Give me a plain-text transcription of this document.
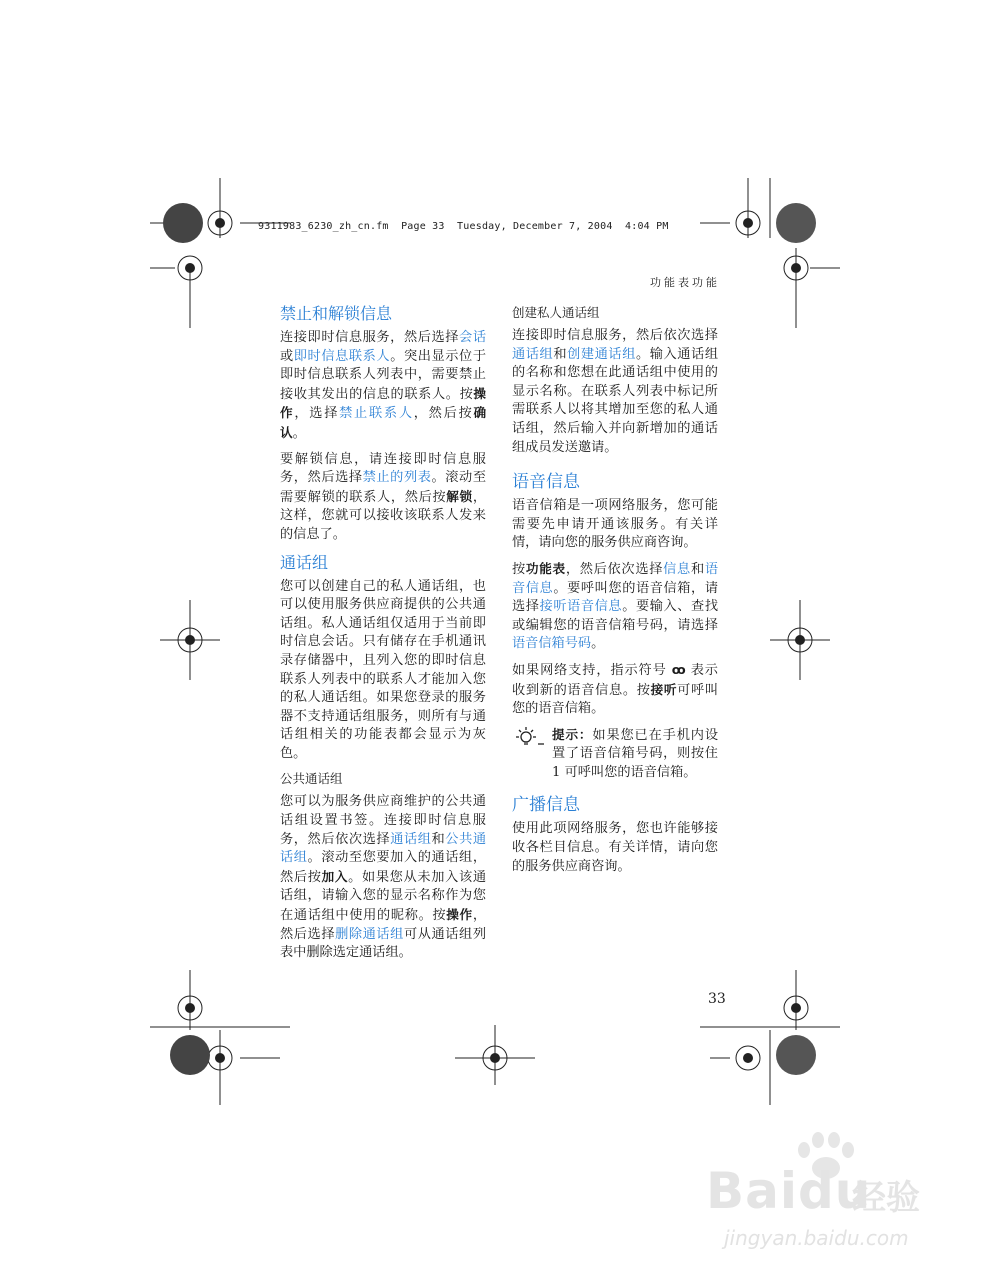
9311983_6230_zh_cn.fm  Page 33  Tuesday, December 7, 2004  4:04 PM
功能表功能
禁止和解锁信息

连接即时信息服务，然后选择会话或即时信息联系人。突出显示位于即时信息联系人列表中，需要禁止接收其发出的信息的联系人。按操作，选择禁止联系人，然后按确认。

要解锁信息，请连接即时信息服务，然后选择禁止的列表。滚动至需要解锁的联系人，然后按解锁，这样，您就可以接收该联系人发来的信息了。

通话组

您可以创建自己的私人通话组，也可以使用服务供应商提供的公共通话组。私人通话组仅适用于当前即时信息会话。只有储存在手机通讯录存储器中，且列入您的即时信息联系人列表中的联系人才能加入您的私人通话组。如果您登录的服务器不支持通话组服务，则所有与通话组相关的功能表都会显示为灰色。

公共通话组

您可以为服务供应商维护的公共通话组设置书签。连接即时信息服务，然后依次选择通话组和公共通话组。滚动至您要加入的通话组，然后按加入。如果您从未加入该通话组，请输入您的显示名称作为您在通话组中使用的昵称。按操作，然后选择删除通话组可从通话组列表中删除选定通话组。

创建私人通话组

连接即时信息服务，然后依次选择通话组和创建通话组。输入通话组的名称和您想在此通话组中使用的显示名称。在联系人列表中标记所需联系人以将其增加至您的私人通话组，然后输入并向新增加的通话组成员发送邀请。

语音信息

语音信箱是一项网络服务，您可能需要先申请开通该服务。有关详情，请向您的服务供应商咨询。

按功能表，然后依次选择信息和语音信息。要呼叫您的语音信箱，请选择接听语音信息。要输入、查找或编辑您的语音信箱号码，请选择语音信箱号码。

如果网络支持，指示符号 ꝏ 表示收到新的语音信息。按接听可呼叫您的语音信箱。

提示：如果您已在手机内设置了语音信箱号码，则按住 1 可呼叫您的语音信箱。

广播信息

使用此项网络服务，您也许能够接收各栏目信息。有关详情，请向您的服务供应商咨询。

33
Baidu
经验
jingyan.baidu.com
